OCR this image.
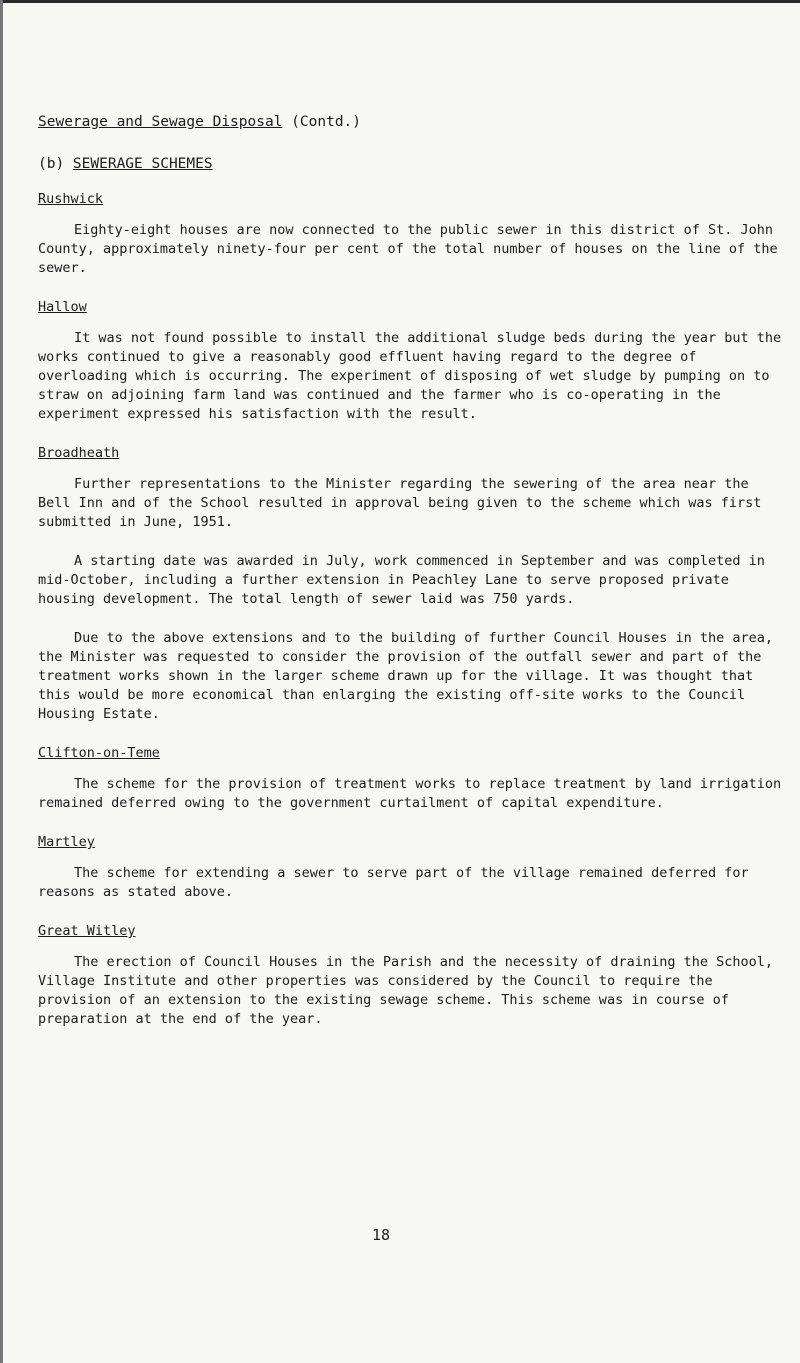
Sewerage and Sewage Disposal (Contd.)
(b) SEWERAGE SCHEMES
Rushwick
Eighty-eight houses are now connected to the public sewer in this district of St. John County, approximately ninety-four per cent of the total number of houses on the line of the sewer.
Hallow
It was not found possible to install the additional sludge beds during the year but the works continued to give a reasonably good effluent having regard to the degree of overloading which is occurring. The experiment of disposing of wet sludge by pumping on to straw on adjoining farm land was continued and the farmer who is co-operating in the experiment expressed his satisfaction with the result.
Broadheath
Further representations to the Minister regarding the sewering of the area near the Bell Inn and of the School resulted in approval being given to the scheme which was first submitted in June, 1951.
A starting date was awarded in July, work commenced in September and was completed in mid-October, including a further extension in Peachley Lane to serve proposed private housing development. The total length of sewer laid was 750 yards.
Due to the above extensions and to the building of further Council Houses in the area, the Minister was requested to consider the provision of the outfall sewer and part of the treatment works shown in the larger scheme drawn up for the village. It was thought that this would be more economical than enlarging the existing off-site works to the Council Housing Estate.
Clifton-on-Teme
The scheme for the provision of treatment works to replace treatment by land irrigation remained deferred owing to the government curtailment of capital expenditure.
Martley
The scheme for extending a sewer to serve part of the village remained deferred for reasons as stated above.
Great Witley
The erection of Council Houses in the Parish and the necessity of draining the School, Village Institute and other properties was considered by the Council to require the provision of an extension to the existing sewage scheme. This scheme was in course of preparation at the end of the year.
18
